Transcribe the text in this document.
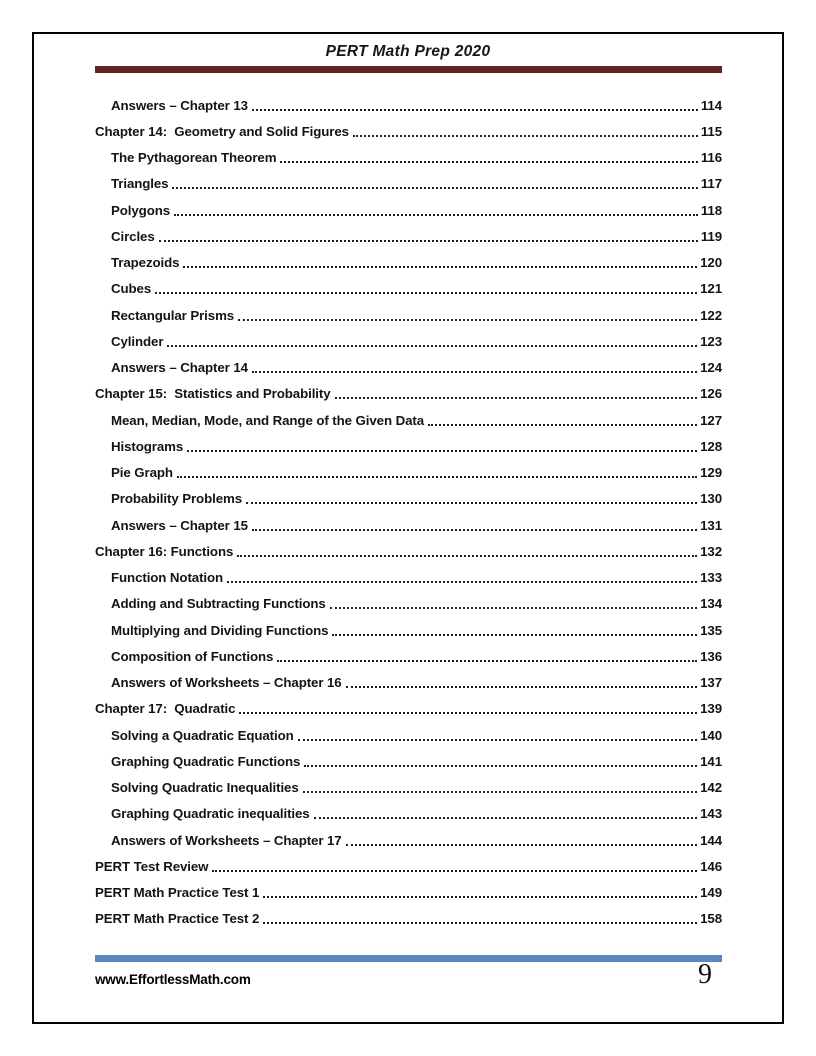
PERT Math Prep 2020
Answers – Chapter 13	114
Chapter 14:  Geometry and Solid Figures	115
The Pythagorean Theorem	116
Triangles	117
Polygons	118
Circles	119
Trapezoids	120
Cubes	121
Rectangular Prisms	122
Cylinder	123
Answers – Chapter 14	124
Chapter 15:  Statistics and Probability	126
Mean, Median, Mode, and Range of the Given Data	127
Histograms	128
Pie Graph	129
Probability Problems	130
Answers – Chapter 15	131
Chapter 16: Functions	132
Function Notation	133
Adding and Subtracting Functions	134
Multiplying and Dividing Functions	135
Composition of Functions	136
Answers of Worksheets – Chapter 16	137
Chapter 17:  Quadratic	139
Solving a Quadratic Equation	140
Graphing Quadratic Functions	141
Solving Quadratic Inequalities	142
Graphing Quadratic inequalities	143
Answers of Worksheets – Chapter 17	144
PERT Test Review	146
PERT Math Practice Test 1	149
PERT Math Practice Test 2	158
www.EffortlessMath.com	9
